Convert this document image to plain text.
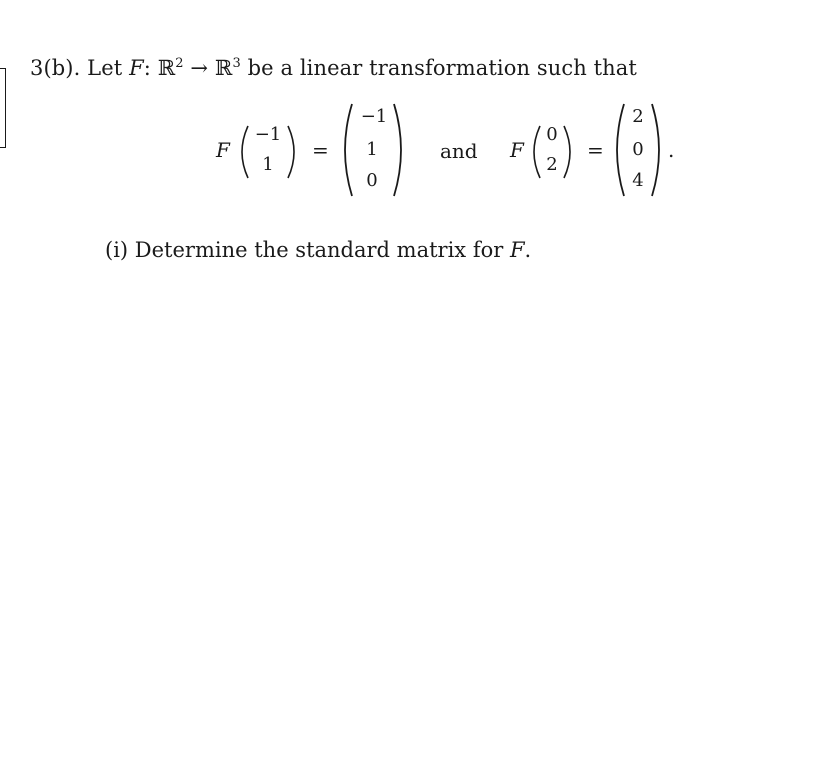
3(b). Let F: ℝ$^2$ → ℝ$^3$ be a linear transformation such that
F
−1
1
=
−1
1
0
and F
0
2
=
2
0
4
.
(i) Determine the standard matrix for F.
